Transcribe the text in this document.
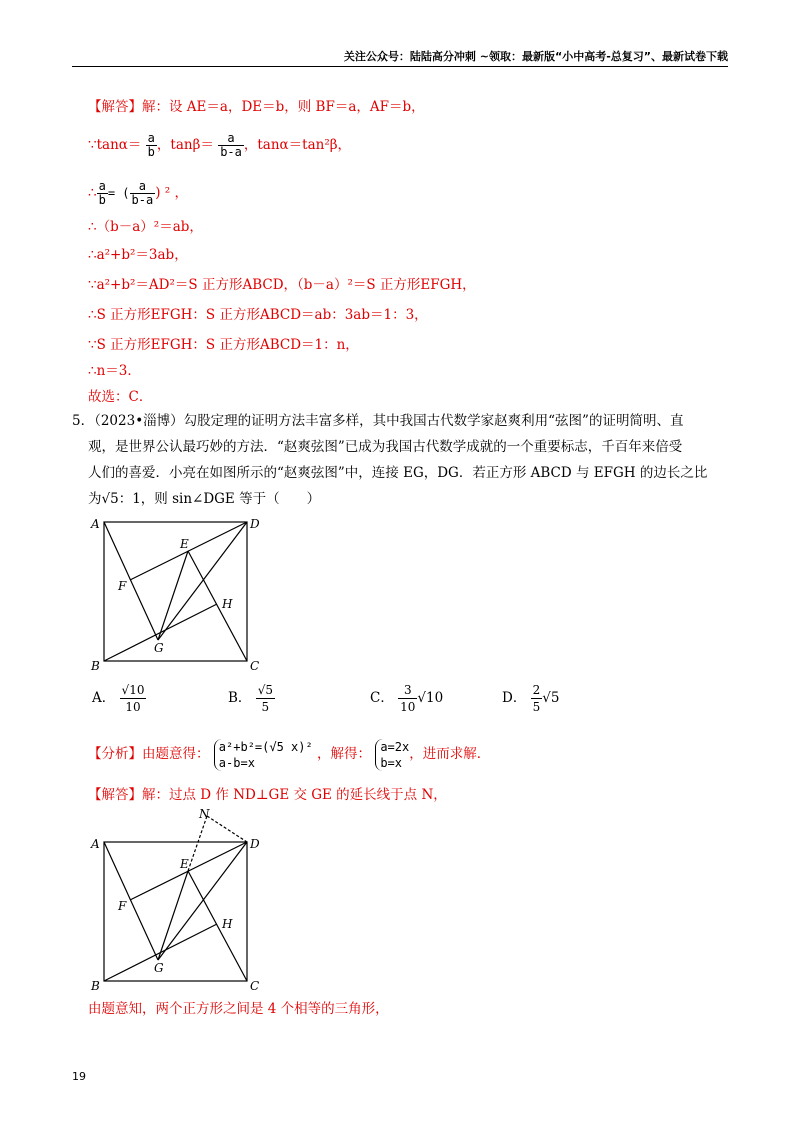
关注公众号：陆陆高分冲刺 ~领取：最新版“小中高考-总复习”、最新试卷下载
【解答】解：设 AE＝a，DE＝b，则 BF＝a，AF＝b，
∵tanα＝ $\frac{a}{b}$ ，$\tan\beta= \frac{a}{b-a}$ ，tanα＝tan²β，
∴ $\frac{a}{b}$ = ( $\frac{a}{b-a}$ ) ² ，
∴（b－a）²＝ab，
∴a²+b²＝3ab，
∵a²+b²＝AD²＝S 正方形ABCD，（b－a）²＝S 正方形EFGH，
∴S 正方形EFGH：S 正方形ABCD＝ab：3ab＝1：3，
∵S 正方形EFGH：S 正方形ABCD＝1：n，
∴n＝3．
故选：C．
5．（2023•淄博）勾股定理的证明方法丰富多样，其中我国古代数学家赵爽利用“弦图”的证明简明、直
观，是世界公认最巧妙的方法．“赵爽弦图”已成为我国古代数学成就的一个重要标志，千百年来倍受
人们的喜爱．小亮在如图所示的“赵爽弦图”中，连接 EG，DG．若正方形 ABCD 与 EFGH 的边长之比
为√5：1，则 sin∠DGE 等于（　　）
A	D
B	C
E
F
G
H
A． $\frac{√10}{10}$	B． $\frac{√5}{5}$	C． $\frac{3}{10} √10$	D． $\frac{2}{5} √5$
【分析】由题意得： a²+b²=(√5 x)²
a-b=x
，解得： a=2x
b=x
，进而求解．
【解答】解：过点 D 作 ND⊥GE 交 GE 的延长线于点 N，
A	D
B	C
E
F
G
H
N
由题意知，两个正方形之间是 4 个相等的三角形，
19
